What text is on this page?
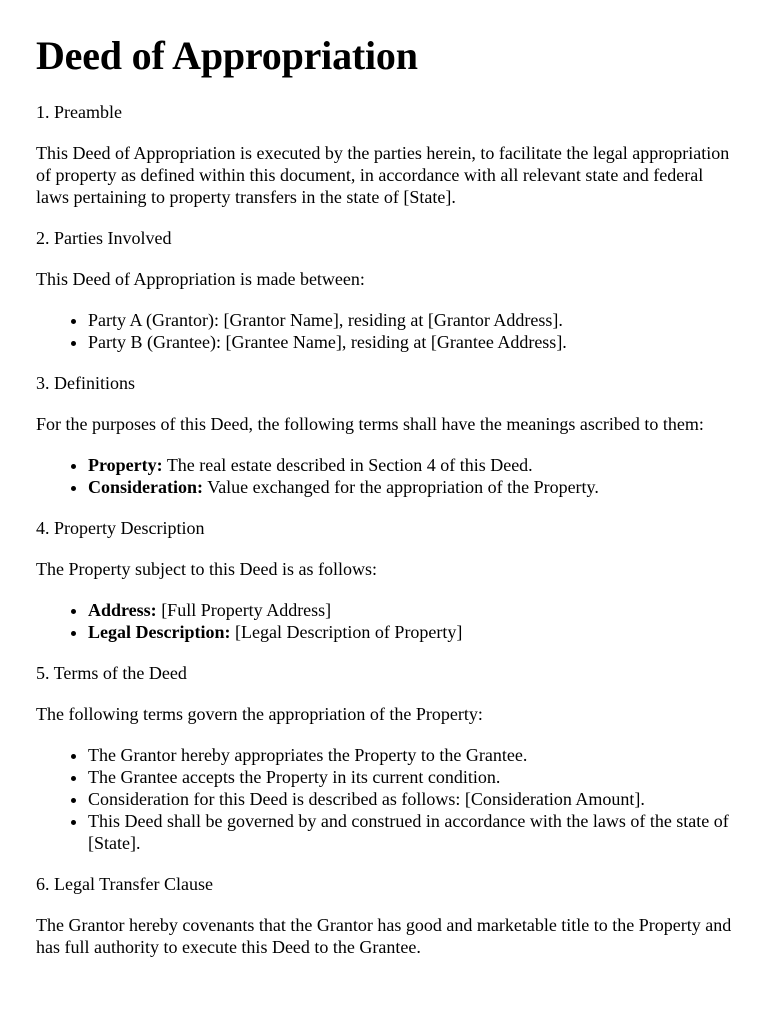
Deed of Appropriation
1. Preamble

This Deed of Appropriation is executed by the parties herein, to facilitate the legal appropriation of property as defined within this document, in accordance with all relevant state and federal laws pertaining to property transfers in the state of [State].

2. Parties Involved

This Deed of Appropriation is made between:

• Party A (Grantor): [Grantor Name], residing at [Grantor Address].
• Party B (Grantee): [Grantee Name], residing at [Grantee Address].
3. Definitions

For the purposes of this Deed, the following terms shall have the meanings ascribed to them:

• Property: The real estate described in Section 4 of this Deed.
• Consideration: Value exchanged for the appropriation of the Property.
4. Property Description

The Property subject to this Deed is as follows:

• Address: [Full Property Address]
• Legal Description: [Legal Description of Property]
5. Terms of the Deed

The following terms govern the appropriation of the Property:

• The Grantor hereby appropriates the Property to the Grantee.
• The Grantee accepts the Property in its current condition.
• Consideration for this Deed is described as follows: [Consideration Amount].
• This Deed shall be governed by and construed in accordance with the laws of the state of [State].
6. Legal Transfer Clause

The Grantor hereby covenants that the Grantor has good and marketable title to the Property and has full authority to execute this Deed to the Grantee.
